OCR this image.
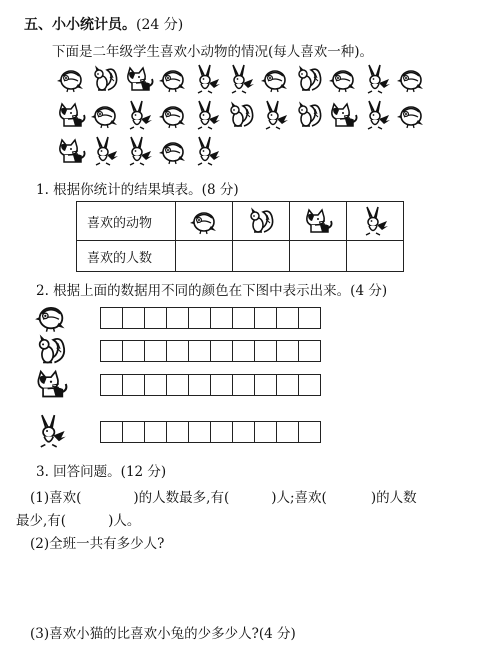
五、小小统计员。(24 分)
下面是二年级学生喜欢小动物的情况(每人喜欢一种)。
1. 根据你统计的结果填表。(8 分)
喜欢的动物				
喜欢的人数				
2. 根据上面的数据用不同的颜色在下图中表示出来。(4 分)
3. 回答问题。(12 分)
(1)喜欢(	)的人数最多,有(	)人;喜欢(	)的人数
最少,有(	)人。
(2)全班一共有多少人?
(3)喜欢小猫的比喜欢小兔的少多少人?(4 分)
